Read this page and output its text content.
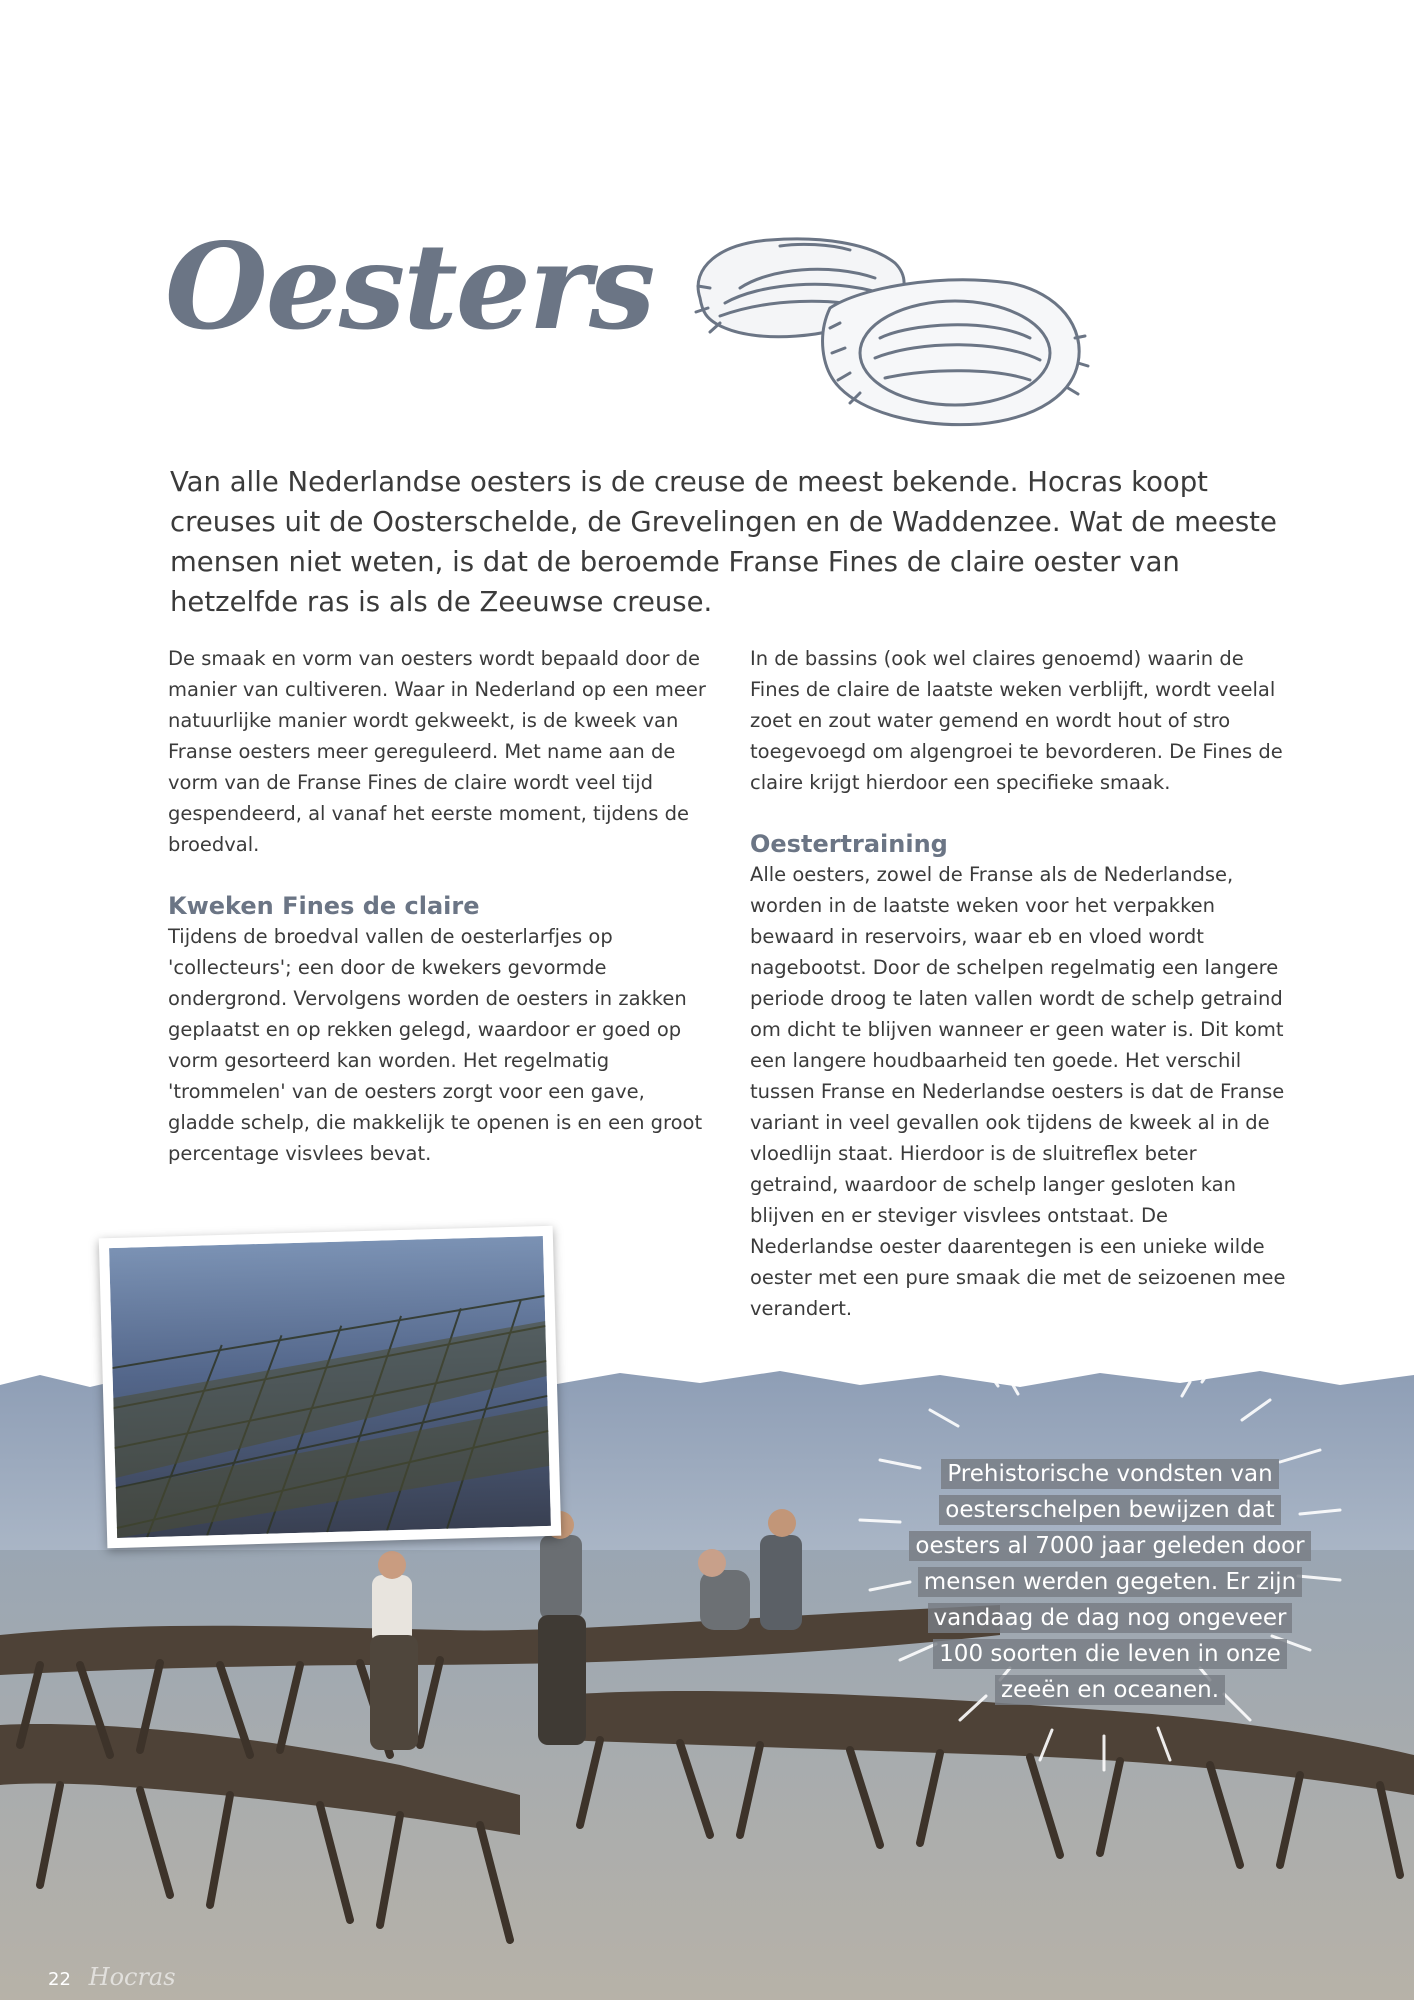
Oesters

Van alle Nederlandse oesters is de creuse de meest bekende. Hocras koopt creuses uit de Oosterschelde, de Grevelingen en de Waddenzee. Wat de meeste mensen niet weten, is dat de beroemde Franse Fines de claire oester van hetzelfde ras is als de Zeeuwse creuse.

De smaak en vorm van oesters wordt bepaald door de manier van cultiveren. Waar in Nederland op een meer natuurlijke manier wordt gekweekt, is de kweek van Franse oesters meer gereguleerd. Met name aan de vorm van de Franse Fines de claire wordt veel tijd gespendeerd, al vanaf het eerste moment, tijdens de broedval.

Kweken Fines de claire

Tijdens de broedval vallen de oesterlarfjes op 'collecteurs'; een door de kwekers gevormde ondergrond. Vervolgens worden de oesters in zakken geplaatst en op rekken gelegd, waardoor er goed op vorm gesorteerd kan worden. Het regelmatig 'trommelen' van de oesters zorgt voor een gave, gladde schelp, die makkelijk te openen is en een groot percentage visvlees bevat.

In de bassins (ook wel claires genoemd) waarin de Fines de claire de laatste weken verblijft, wordt veelal zoet en zout water gemend en wordt hout of stro toegevoegd om algengroei te bevorderen. De Fines de claire krijgt hierdoor een specifieke smaak.

Oestertraining

Alle oesters, zowel de Franse als de Nederlandse, worden in de laatste weken voor het verpakken bewaard in reservoirs, waar eb en vloed wordt nagebootst. Door de schelpen regelmatig een langere periode droog te laten vallen wordt de schelp getraind om dicht te blijven wanneer er geen water is. Dit komt een langere houdbaarheid ten goede. Het verschil tussen Franse en Nederlandse oesters is dat de Franse variant in veel gevallen ook tijdens de kweek al in de vloedlijn staat. Hierdoor is de sluitreflex beter getraind, waardoor de schelp langer gesloten kan blijven en er steviger visvlees ontstaat. De Nederlandse oester daarentegen is een unieke wilde oester met een pure smaak die met de seizoenen mee verandert.

Prehistorische vondsten van oesterschelpen bewijzen dat oesters al 7000 jaar geleden door mensen werden gegeten. Er zijn vandaag de dag nog ongeveer 100 soorten die leven in onze zeeën en oceanen.
22 Hocras
